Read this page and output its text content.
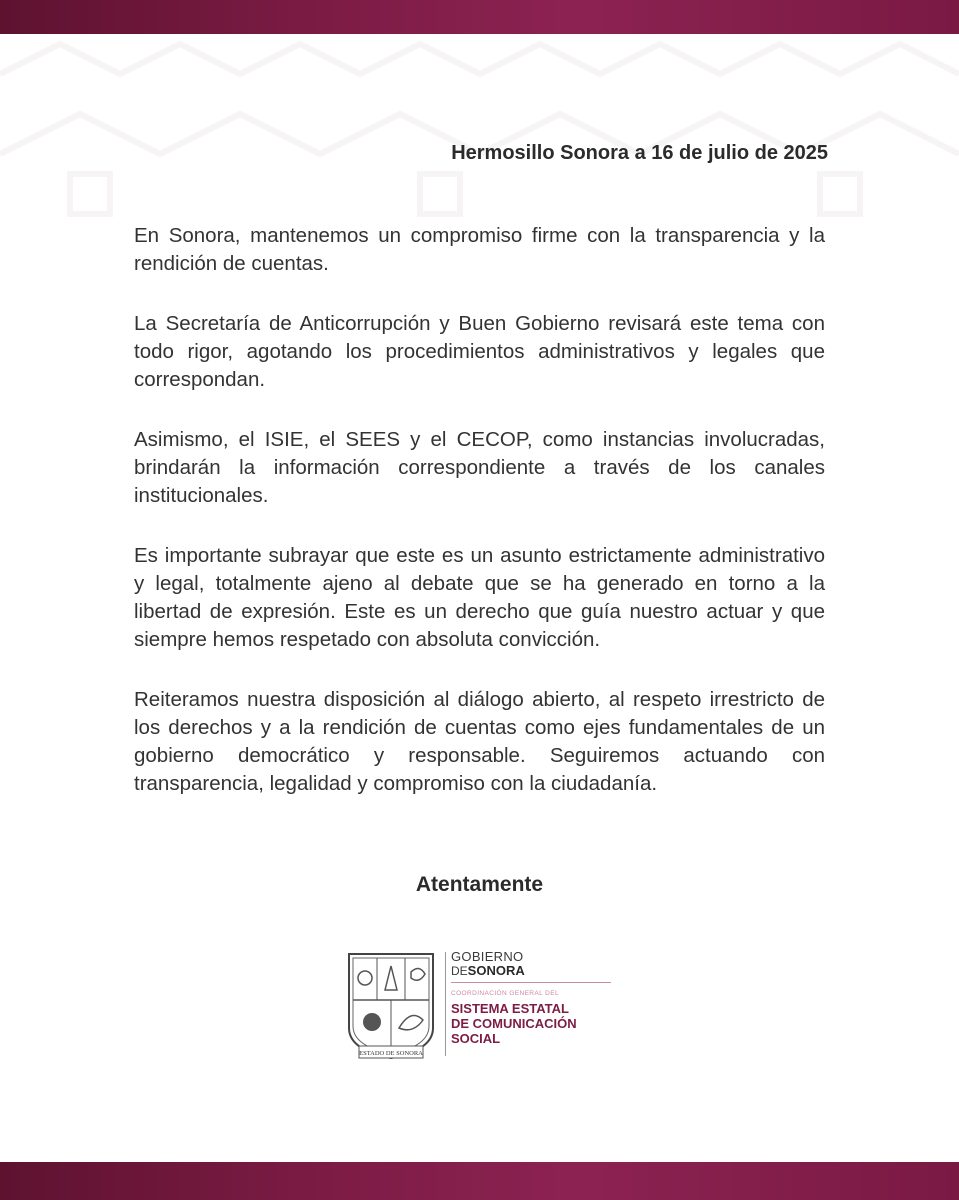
Hermosillo Sonora a 16 de julio de 2025

En Sonora, mantenemos un compromiso firme con la transparencia y la rendición de cuentas.

La Secretaría de Anticorrupción y Buen Gobierno revisará este tema con todo rigor, agotando los procedimientos administrativos y legales que correspondan.

Asimismo, el ISIE, el SEES y el CECOP, como instancias involucradas, brindarán la información correspondiente a través de los canales institucionales.

Es importante subrayar que este es un asunto estrictamente administrativo y legal, totalmente ajeno al debate que se ha generado en torno a la libertad de expresión. Este es un derecho que guía nuestro actuar y que siempre hemos respetado con absoluta convicción.

Reiteramos nuestra disposición al diálogo abierto, al respeto irrestricto de los derechos y a la rendición de cuentas como ejes fundamentales de un gobierno democrático y responsable. Seguiremos actuando con transparencia, legalidad y compromiso con la ciudadanía.

Atentamente
ESTADO DE SONORA
GOBIERNO
DESONORA
COORDINACIÓN GENERAL DEL
SISTEMA ESTATAL
DE COMUNICACIÓN
SOCIAL
